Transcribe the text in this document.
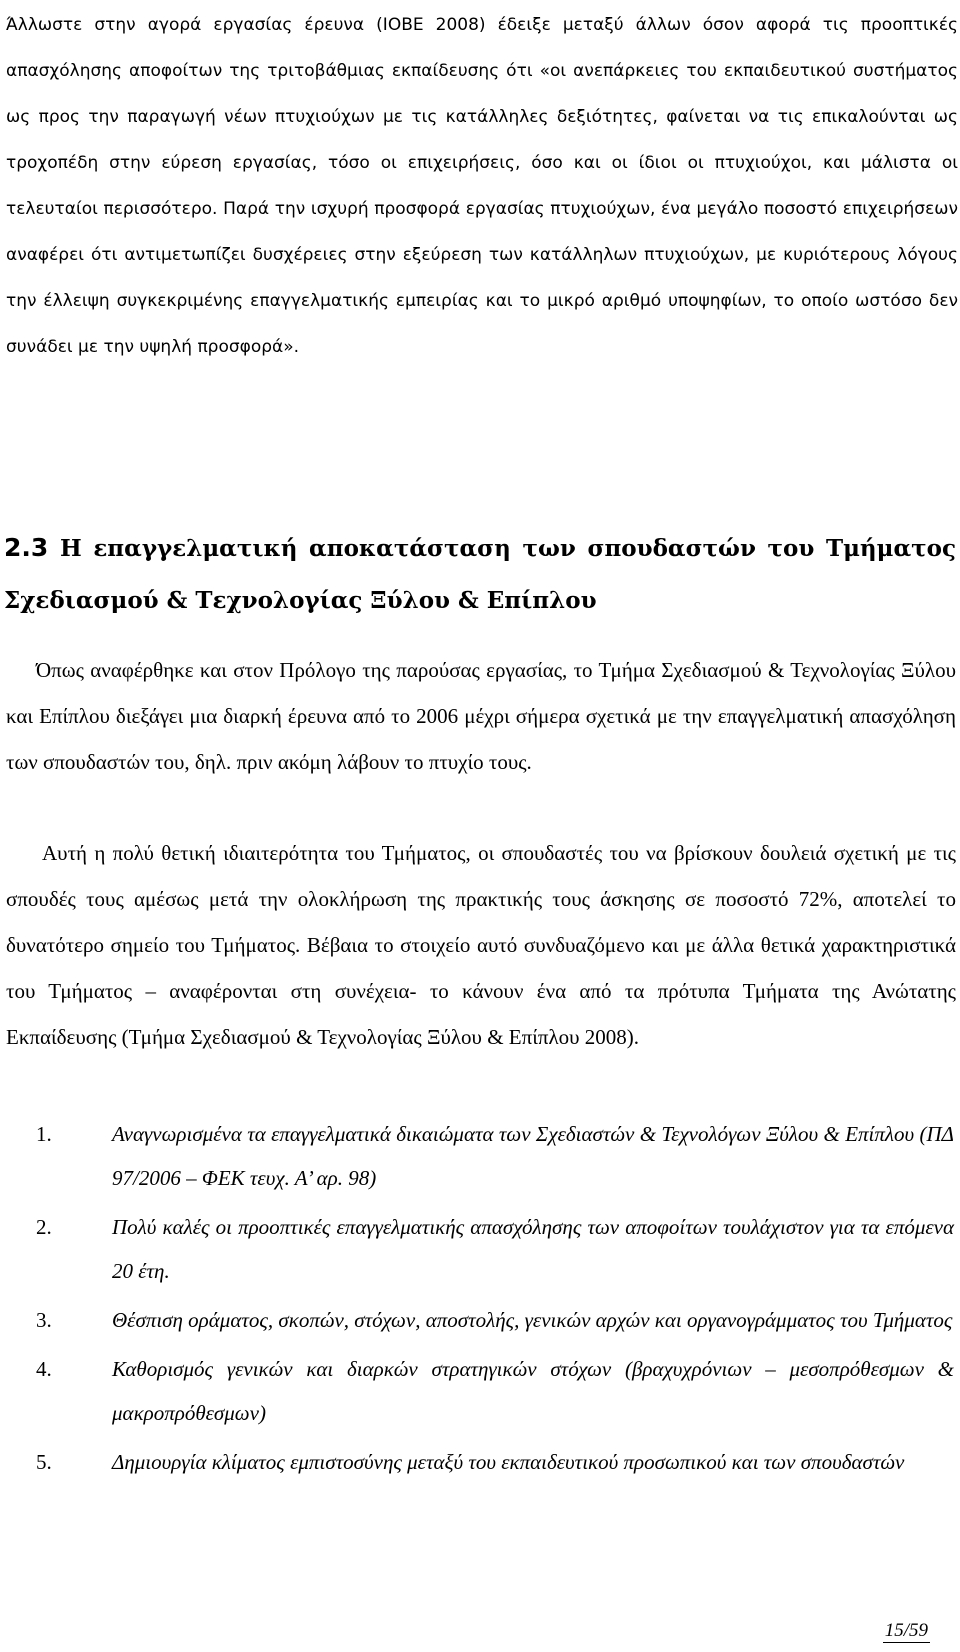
Άλλωστε στην αγορά εργασίας έρευνα (ΙΟΒΕ 2008) έδειξε μεταξύ άλλων όσον αφορά τις προοπτικές απασχόλησης αποφοίτων της τριτοβάθμιας εκπαίδευσης ότι «οι ανεπάρκειες του εκπαιδευτικού συστήματος ως προς την παραγωγή νέων πτυχιούχων με τις κατάλληλες δεξιότητες, φαίνεται να τις επικαλούνται ως τροχοπέδη στην εύρεση εργασίας, τόσο οι επιχειρήσεις, όσο και οι ίδιοι οι πτυχιούχοι, και μάλιστα οι τελευταίοι περισσότερο. Παρά την ισχυρή προσφορά εργασίας πτυχιούχων, ένα μεγάλο ποσοστό επιχειρήσεων αναφέρει ότι αντιμετωπίζει δυσχέρειες στην εξεύρεση των κατάλληλων πτυχιούχων, με κυριότερους λόγους την έλλειψη συγκεκριμένης επαγγελματικής εμπειρίας και το μικρό αριθμό υποψηφίων, το οποίο ωστόσο δεν συνάδει με την υψηλή προσφορά».

2.3 Η επαγγελματική αποκατάσταση των σπουδαστών του Τμήματος Σχεδιασμού & Τεχνολογίας Ξύλου & Επίπλου

Όπως αναφέρθηκε και στον Πρόλογο της παρούσας εργασίας, το Τμήμα Σχεδιασμού & Τεχνολογίας Ξύλου και Επίπλου διεξάγει μια διαρκή έρευνα από το 2006 μέχρι σήμερα σχετικά με την επαγγελματική απασχόληση των σπουδαστών του, δηλ. πριν ακόμη λάβουν το πτυχίο τους.

Αυτή η πολύ θετική ιδιαιτερότητα του Τμήματος, οι σπουδαστές του να βρίσκουν δουλειά σχετική με τις σπουδές τους αμέσως μετά την ολοκλήρωση της πρακτικής τους άσκησης σε ποσοστό 72%, αποτελεί το δυνατότερο σημείο του Τμήματος. Βέβαια το στοιχείο αυτό συνδυαζόμενο και με άλλα θετικά χαρακτηριστικά του Τμήματος – αναφέρονται στη συνέχεια- το κάνουν ένα από τα πρότυπα Τμήματα της Ανώτατης Εκπαίδευσης (Τμήμα Σχεδιασμού & Τεχνολογίας Ξύλου & Επίπλου 2008).

1.	Αναγνωρισμένα τα επαγγελματικά δικαιώματα των Σχεδιαστών & Τεχνολόγων Ξύλου & Επίπλου (ΠΔ 97/2006 – ΦΕΚ τευχ. Α’ αρ. 98)
2.	Πολύ καλές οι προοπτικές επαγγελματικής απασχόλησης των αποφοίτων τουλάχιστον για τα επόμενα 20 έτη.
3.	Θέσπιση οράματος, σκοπών, στόχων, αποστολής, γενικών αρχών και οργανογράμματος του Τμήματος
4.	Καθορισμός γενικών και διαρκών στρατηγικών στόχων (βραχυχρόνιων – μεσοπρόθεσμων & μακροπρόθεσμων)
5.	Δημιουργία κλίματος εμπιστοσύνης μεταξύ του εκπαιδευτικού προσωπικού και των σπουδαστών
15/59
